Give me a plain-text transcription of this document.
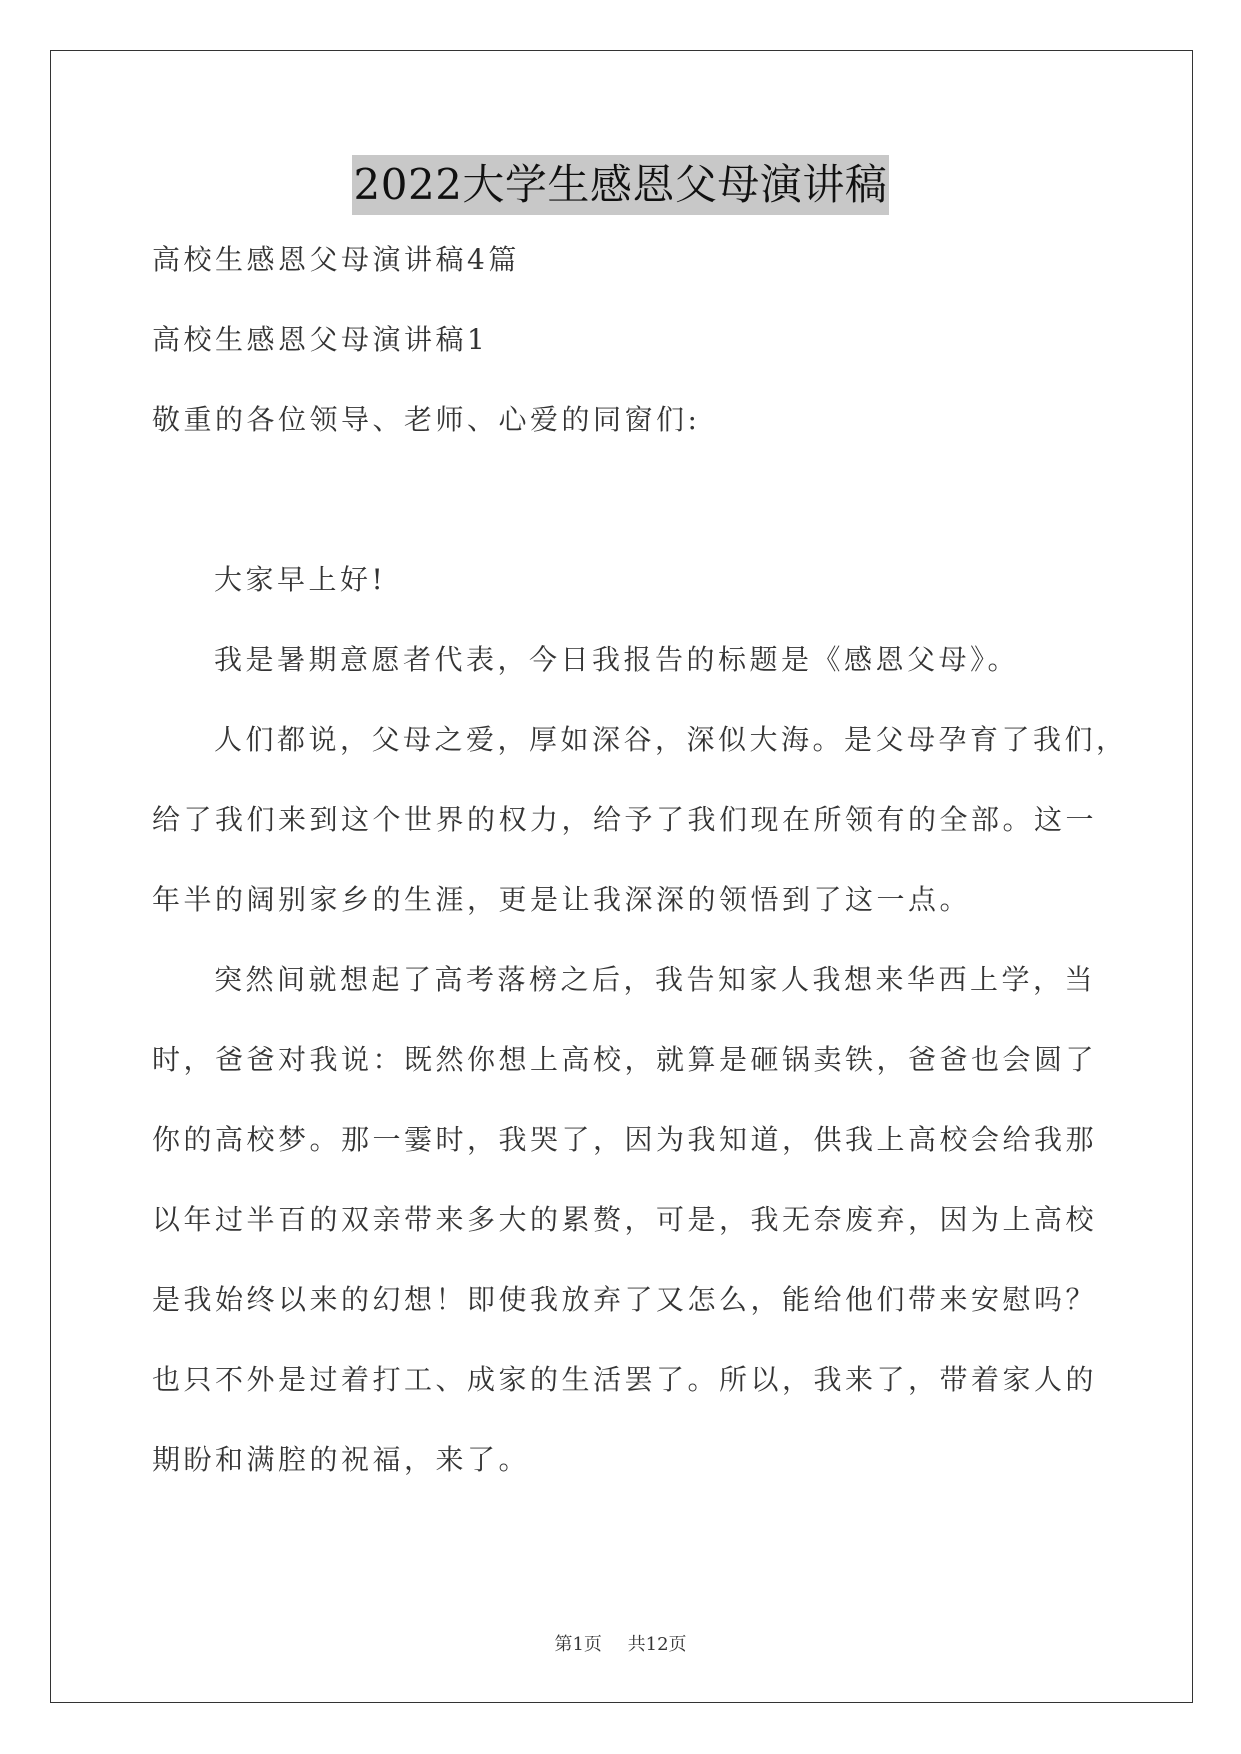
2022大学生感恩父母演讲稿
高校生感恩父母演讲稿4篇
高校生感恩父母演讲稿1
敬重的各位领导、老师、心爱的同窗们:
大家早上好!
我是暑期意愿者代表，今日我报告的标题是《感恩父母》。
人们都说，父母之爱，厚如深谷，深似大海。是父母孕育了我们，
给了我们来到这个世界的权力，给予了我们现在所领有的全部。这一
年半的阔别家乡的生涯，更是让我深深的领悟到了这一点。
突然间就想起了高考落榜之后，我告知家人我想来华西上学，当
时，爸爸对我说：既然你想上高校，就算是砸锅卖铁，爸爸也会圆了
你的高校梦。那一霎时，我哭了，因为我知道，供我上高校会给我那
以年过半百的双亲带来多大的累赘，可是，我无奈废弃，因为上高校
是我始终以来的幻想！即使我放弃了又怎么，能给他们带来安慰吗？
也只不外是过着打工、成家的生活罢了。所以，我来了，带着家人的
期盼和满腔的祝福，来了。
第1页 共12页
